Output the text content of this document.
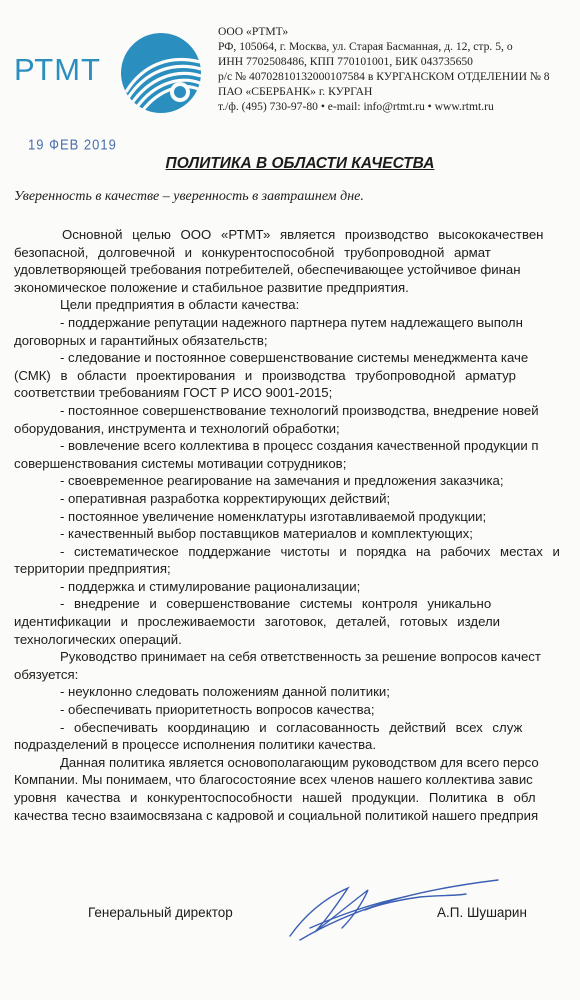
РТМТ
ООО «РТМТ»
РФ, 105064, г. Москва, ул. Старая Басманная, д. 12, стр. 5, о
ИНН 7702508486, КПП 770101001, БИК 043735650
р/с № 40702810132000107584 в КУРГАНСКОМ ОТДЕЛЕНИИ № 8
ПАО «СБЕРБАНК» г. КУРГАН
т./ф. (495) 730-97-80 • e-mail: info@rtmt.ru • www.rtmt.ru
19 ФЕВ 2019
ПОЛИТИКА В ОБЛАСТИ КАЧЕСТВА
Уверенность в качестве – уверенность в завтрашнем дне.
Основной целью ООО «РТМТ» является производство высококачествен
безопасной, долговечной и конкурентоспособной трубопроводной армат
удовлетворяющей требования потребителей, обеспечивающее устойчивое финан
экономическое положение и стабильное развитие предприятия.
Цели предприятия в области качества:
- поддержание репутации надежного партнера путем надлежащего выполн
договорных и гарантийных обязательств;
- следование и постоянное совершенствование системы менеджмента каче
(СМК) в области проектирования и производства трубопроводной арматур
соответствии требованиям ГОСТ Р ИСО 9001-2015;
- постоянное совершенствование технологий производства, внедрение новей
оборудования, инструмента и технологий обработки;
- вовлечение всего коллектива в процесс создания качественной продукции п
совершенствования системы мотивации сотрудников;
- своевременное реагирование на замечания и предложения заказчика;
- оперативная разработка корректирующих действий;
- постоянное увеличение номенклатуры изготавливаемой продукции;
- качественный выбор поставщиков материалов и комплектующих;
- систематическое поддержание чистоты и порядка на рабочих местах и
территории предприятия;
- поддержка и стимулирование рационализации;
- внедрение и совершенствование системы контроля уникально
идентификации и прослеживаемости заготовок, деталей, готовых издели
технологических операций.
Руководство принимает на себя ответственность за решение вопросов качест
обязуется:
- неуклонно следовать положениям данной политики;
- обеспечивать приоритетность вопросов качества;
- обеспечивать координацию и согласованность действий всех служ
подразделений в процессе исполнения политики качества.
Данная политика является основополагающим руководством для всего персо
Компании. Мы понимаем, что благосостояние всех членов нашего коллектива завис
уровня качества и конкурентоспособности нашей продукции. Политика в обл
качества тесно взаимосвязана с кадровой и социальной политикой нашего предприя
Генеральный директор	А.П. Шушарин
